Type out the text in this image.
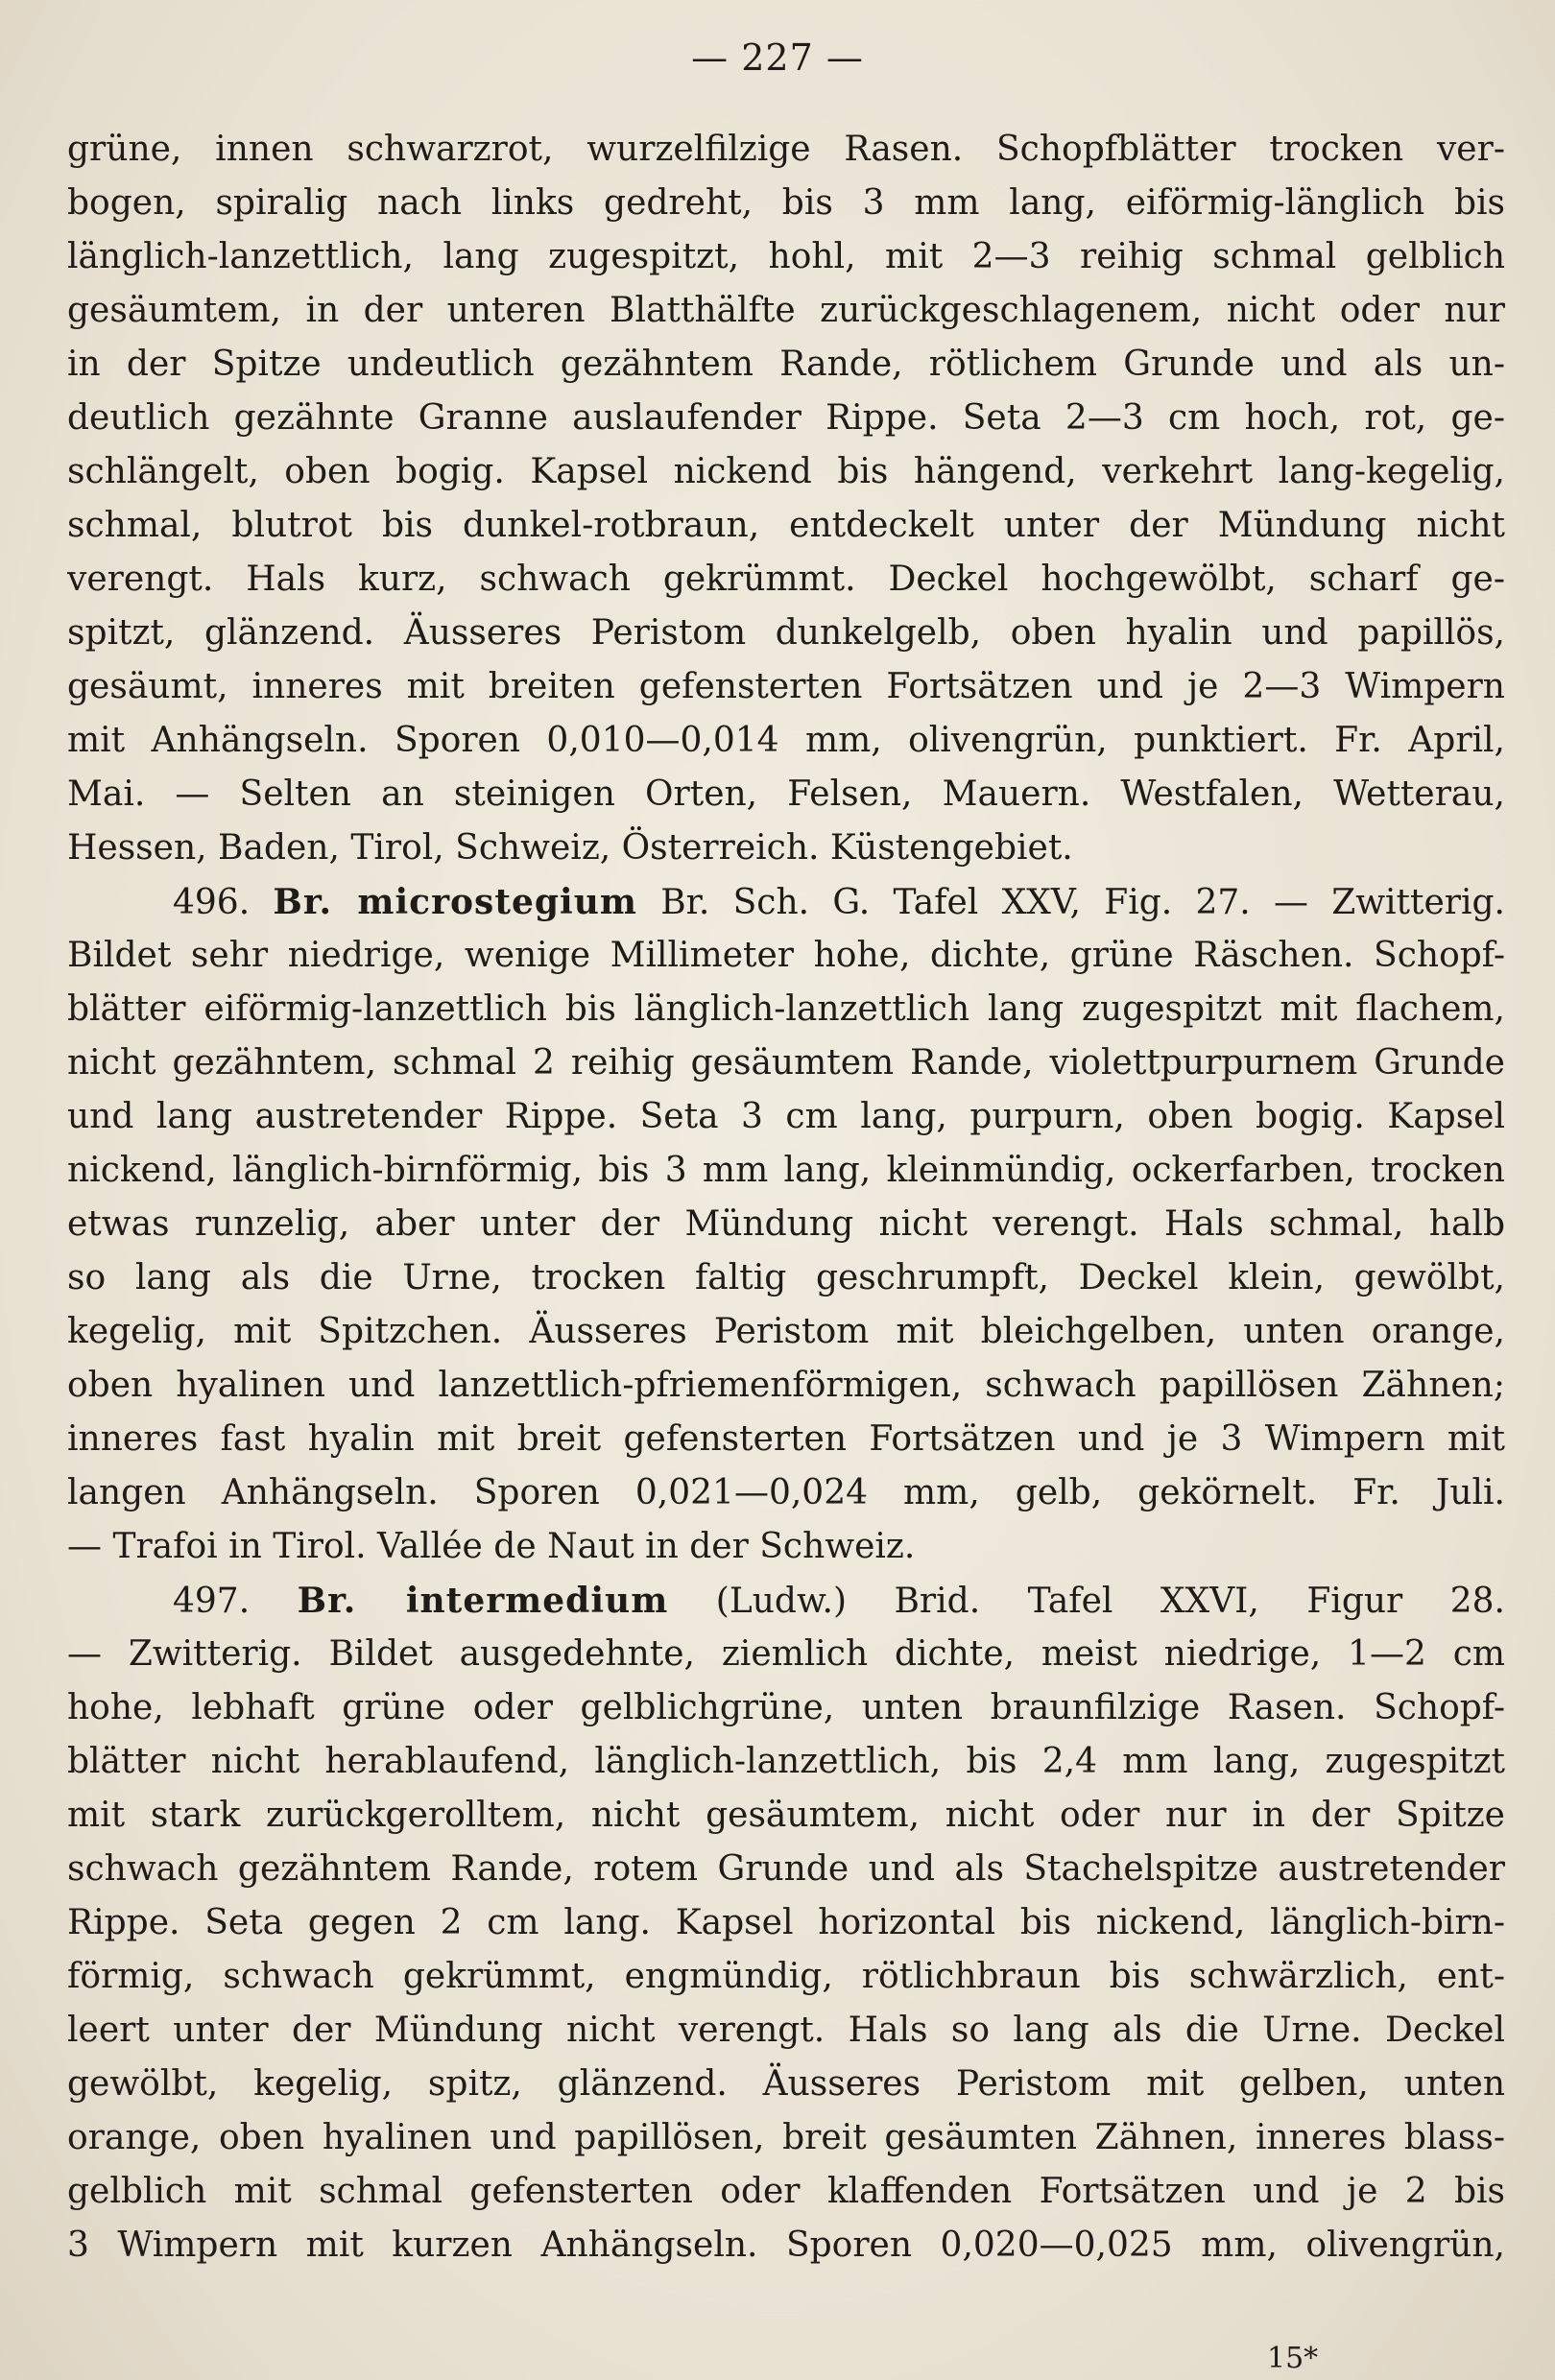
— 227 —
grüne, innen schwarzrot, wurzelfilzige Rasen. Schopfblätter trocken ver-
bogen, spiralig nach links gedreht, bis 3 mm lang, eiförmig-länglich bis
länglich-lanzettlich, lang zugespitzt, hohl, mit 2—3 reihig schmal gelblich
gesäumtem, in der unteren Blatthälfte zurückgeschlagenem, nicht oder nur
in der Spitze undeutlich gezähntem Rande, rötlichem Grunde und als un-
deutlich gezähnte Granne auslaufender Rippe. Seta 2—3 cm hoch, rot, ge-
schlängelt, oben bogig. Kapsel nickend bis hängend, verkehrt lang-kegelig,
schmal, blutrot bis dunkel-rotbraun, entdeckelt unter der Mündung nicht
verengt. Hals kurz, schwach gekrümmt. Deckel hochgewölbt, scharf ge-
spitzt, glänzend. Äusseres Peristom dunkelgelb, oben hyalin und papillös,
gesäumt, inneres mit breiten gefensterten Fortsätzen und je 2—3 Wimpern
mit Anhängseln. Sporen 0,010—0,014 mm, olivengrün, punktiert. Fr. April,
Mai. — Selten an steinigen Orten, Felsen, Mauern. Westfalen, Wetterau,
Hessen, Baden, Tirol, Schweiz, Österreich. Küstengebiet.
496. Br. microstegium Br. Sch. G. Tafel XXV, Fig. 27. — Zwitterig.
Bildet sehr niedrige, wenige Millimeter hohe, dichte, grüne Räschen. Schopf-
blätter eiförmig-lanzettlich bis länglich-lanzettlich lang zugespitzt mit flachem,
nicht gezähntem, schmal 2 reihig gesäumtem Rande, violettpurpurnem Grunde
und lang austretender Rippe. Seta 3 cm lang, purpurn, oben bogig. Kapsel
nickend, länglich-birnförmig, bis 3 mm lang, kleinmündig, ockerfarben, trocken
etwas runzelig, aber unter der Mündung nicht verengt. Hals schmal, halb
so lang als die Urne, trocken faltig geschrumpft, Deckel klein, gewölbt,
kegelig, mit Spitzchen. Äusseres Peristom mit bleichgelben, unten orange,
oben hyalinen und lanzettlich-pfriemenförmigen, schwach papillösen Zähnen;
inneres fast hyalin mit breit gefensterten Fortsätzen und je 3 Wimpern mit
langen Anhängseln. Sporen 0,021—0,024 mm, gelb, gekörnelt. Fr. Juli.
— Trafoi in Tirol. Vallée de Naut in der Schweiz.
497. Br. intermedium (Ludw.) Brid. Tafel XXVI, Figur 28.
— Zwitterig. Bildet ausgedehnte, ziemlich dichte, meist niedrige, 1—2 cm
hohe, lebhaft grüne oder gelblichgrüne, unten braunfilzige Rasen. Schopf-
blätter nicht herablaufend, länglich-lanzettlich, bis 2,4 mm lang, zugespitzt
mit stark zurückgerolltem, nicht gesäumtem, nicht oder nur in der Spitze
schwach gezähntem Rande, rotem Grunde und als Stachelspitze austretender
Rippe. Seta gegen 2 cm lang. Kapsel horizontal bis nickend, länglich-birn-
förmig, schwach gekrümmt, engmündig, rötlichbraun bis schwärzlich, ent-
leert unter der Mündung nicht verengt. Hals so lang als die Urne. Deckel
gewölbt, kegelig, spitz, glänzend. Äusseres Peristom mit gelben, unten
orange, oben hyalinen und papillösen, breit gesäumten Zähnen, inneres blass-
gelblich mit schmal gefensterten oder klaffenden Fortsätzen und je 2 bis
3 Wimpern mit kurzen Anhängseln. Sporen 0,020—0,025 mm, olivengrün,
15*
